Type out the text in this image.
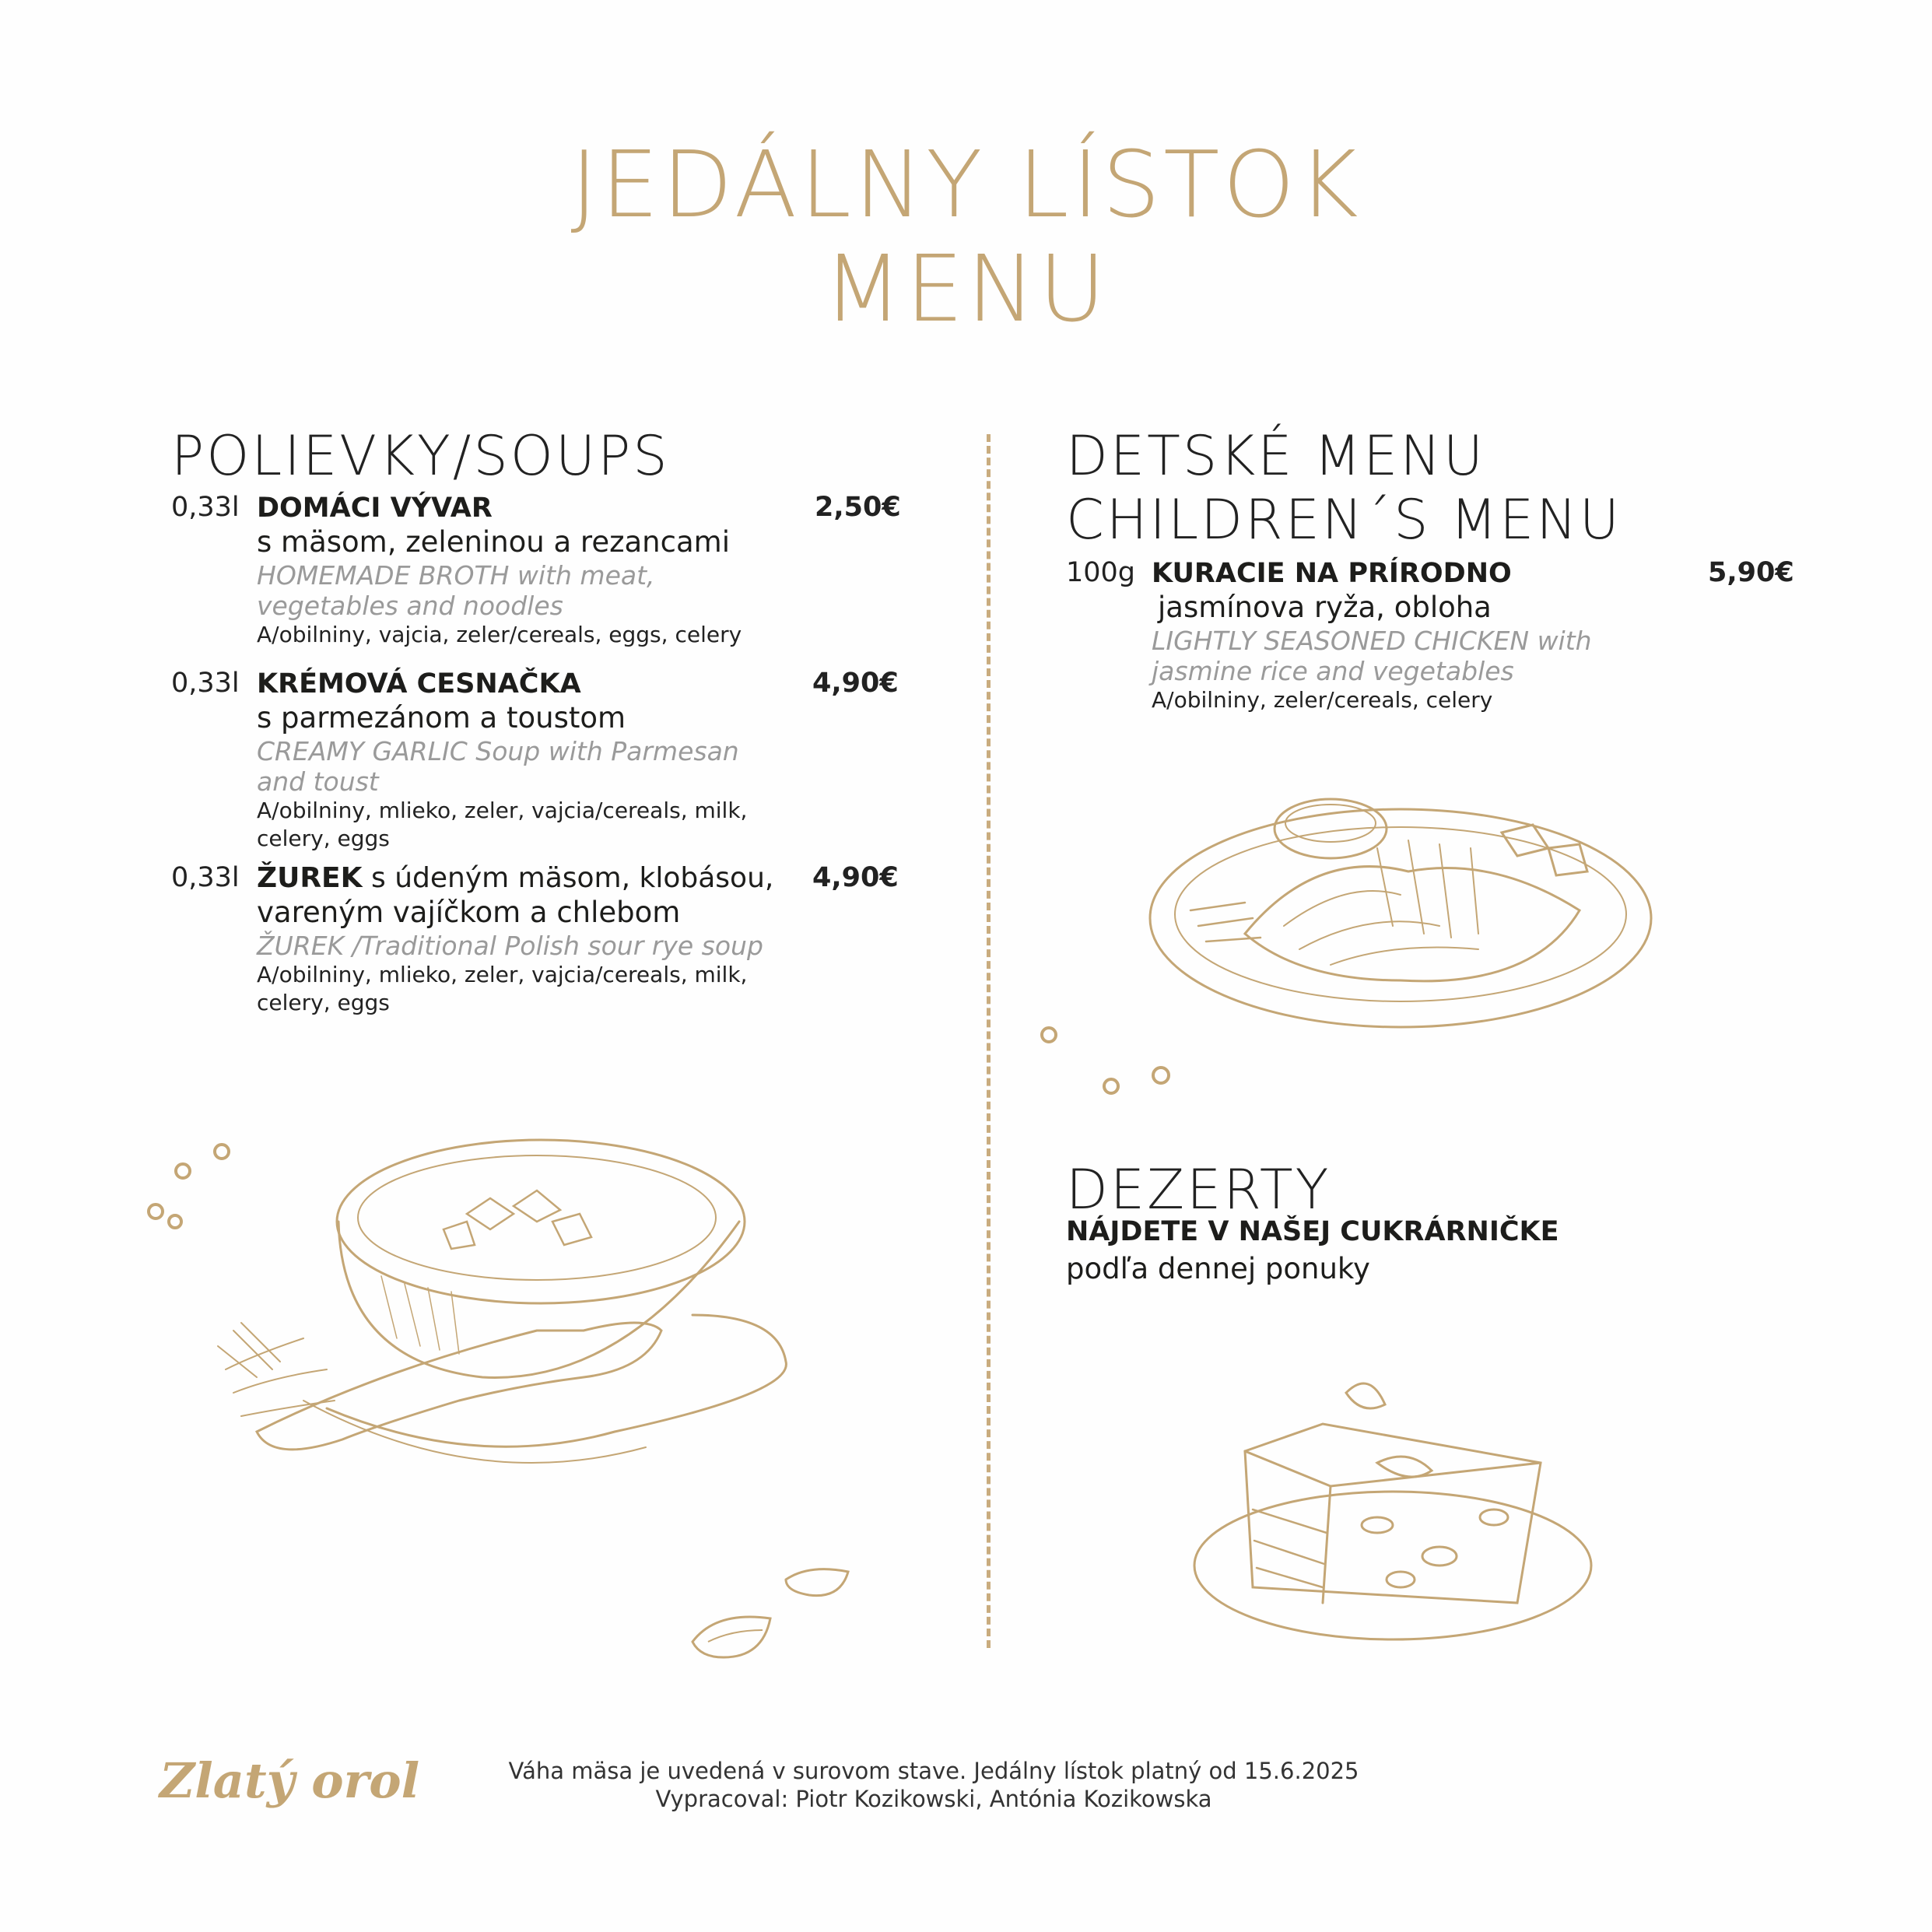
JEDÁLNY LÍSTOK
MENU
POLIEVKY/SOUPS
0,33l	2,50€
DOMÁCI VÝVAR
s mäsom, zeleninou a rezancami
HOMEMADE BROTH with meat, vegetables and noodles
A/obilniny, vajcia, zeler/cereals, eggs, celery
0,33l	4,90€
KRÉMOVÁ CESNAČKA
s parmezánom a toustom
CREAMY GARLIC Soup with Parmesan and toust
A/obilniny, mlieko, zeler, vajcia/cereals, milk, celery, eggs
0,33l	4,90€
ŽUREK s údeným mäsom, klobásou,
vareným vajíčkom a chlebom
ŽUREK /Traditional Polish sour rye soup
A/obilniny, mlieko, zeler, vajcia/cereals, milk, celery, eggs
DETSKÉ MENU
CHILDREN´S MENU
100g	5,90€
KURACIE NA PRÍRODNO
jasmínova ryža, obloha
LIGHTLY SEASONED CHICKEN with jasmine rice and vegetables
A/obilniny, zeler/cereals, celery
DEZERTY
NÁJDETE V NAŠEJ CUKRÁRNIČKE
podľa dennej ponuky
Zlatý orol	Váha mäsa je uvedená v surovom stave. Jedálny lístok platný od 15.6.2025
Vypracoval: Piotr Kozikowski, Antónia Kozikowska
